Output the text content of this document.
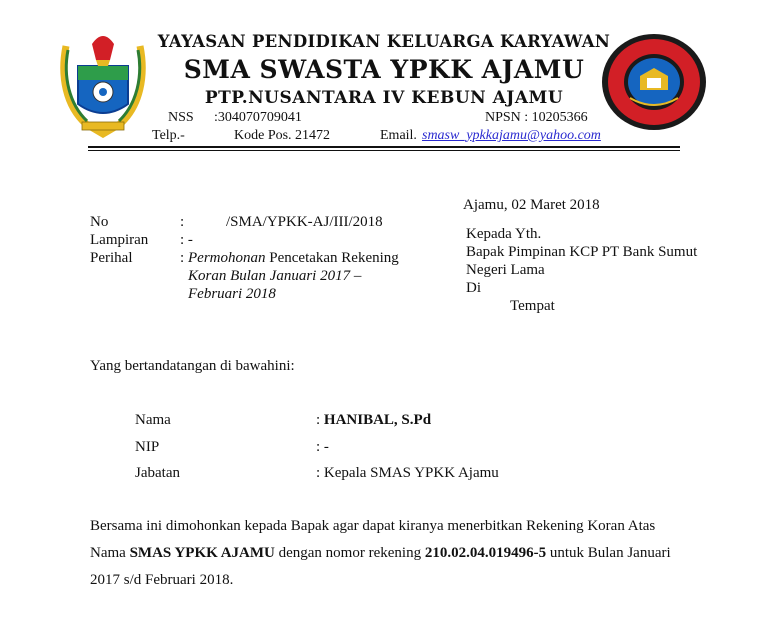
YAYASAN PENDIDIKAN KELUARGA KARYAWAN
SMA SWASTA YPKK AJAMU
PTP.NUSANTARA IV KEBUN AJAMU
NSS :304070709041	NPSN : 10205366
Telp.-	Kode Pos. 21472	Email. smasw_ypkkajamu@yahoo.com
Ajamu, 02 Maret 2018
No	:	/SMA/YPKK-AJ/III/2018
Lampiran : -
Perihal	: Permohonan Pencetakan Rekening
Koran Bulan Januari 2017 –
Februari 2018
Kepada Yth.
Bapak Pimpinan KCP PT Bank Sumut
Negeri Lama
Di
Tempat
Yang bertandatangan di bawahini:
Nama	: HANIBAL, S.Pd
NIP	: -
Jabatan	: Kepala SMAS YPKK Ajamu
Bersama ini dimohonkan kepada Bapak agar dapat kiranya menerbitkan Rekening Koran Atas
Nama SMAS YPKK AJAMU dengan nomor rekening 210.02.04.019496-5 untuk Bulan Januari
2017 s/d Februari 2018.
